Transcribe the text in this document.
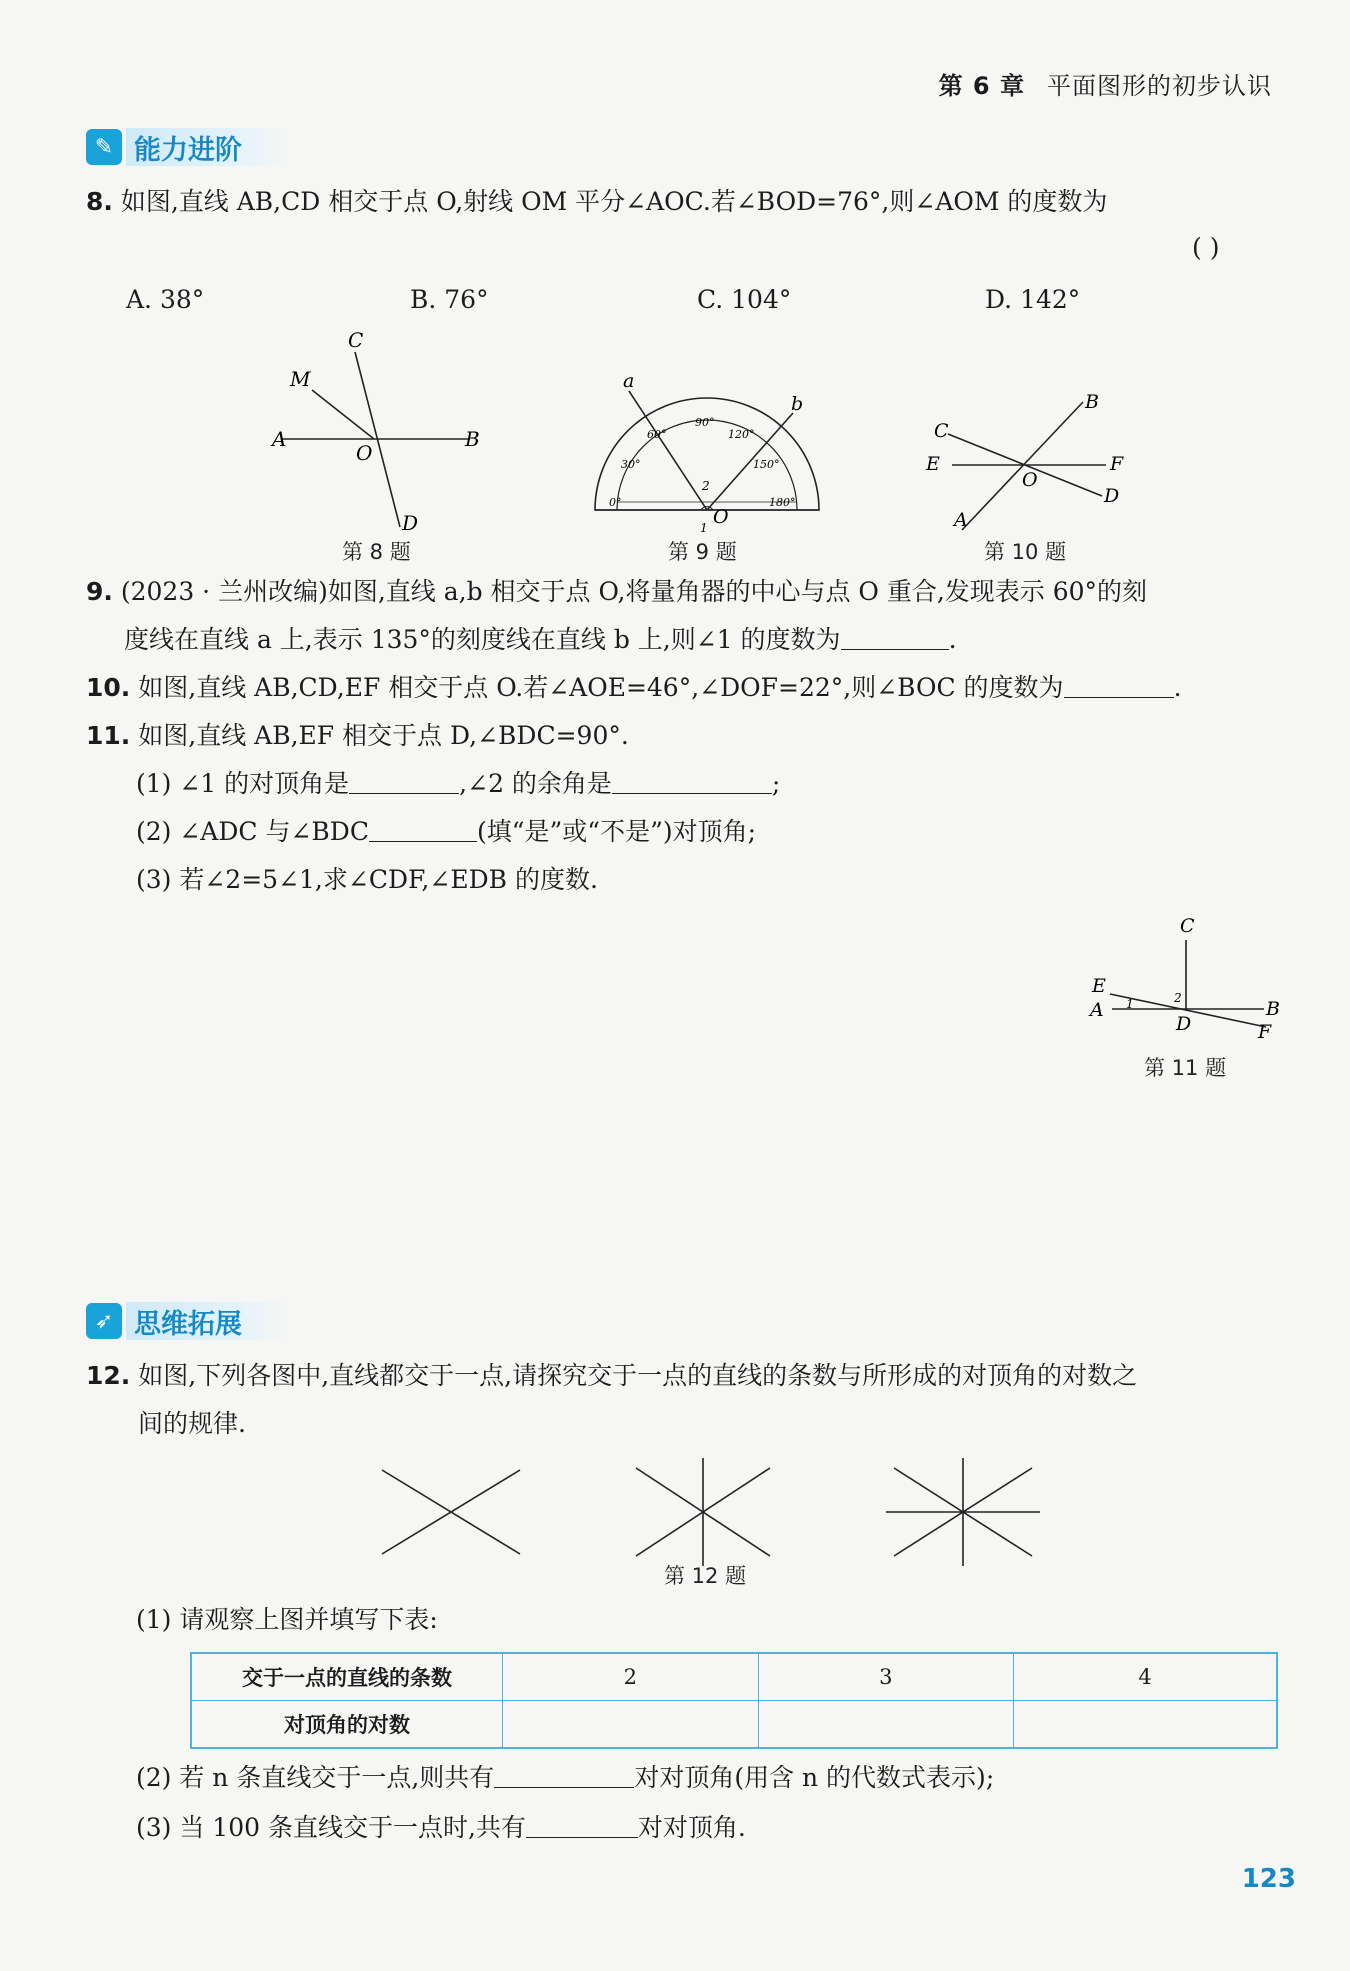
第 6 章 平面图形的初步认识
✎ 能力进阶
8. 如图,直线 AB,CD 相交于点 O,射线 OM 平分∠AOC.若∠BOD=76°,则∠AOM 的度数为
( )
A. 38°	B. 76°	C. 104°	D. 142°
C
M
A
O
B
D
第 8 题
a
b
O
1
2
0°
30°
60°
90°
120°
150°
180°
第 9 题
B
C
E	F
O
D
A
第 10 题
9. (2023 · 兰州改编)如图,直线 a,b 相交于点 O,将量角器的中心与点 O 重合,发现表示 60°的刻
度线在直线 a 上,表示 135°的刻度线在直线 b 上,则∠1 的度数为	.
10. 如图,直线 AB,CD,EF 相交于点 O.若∠AOE=46°,∠DOF=22°,则∠BOC 的度数为	.
11. 如图,直线 AB,EF 相交于点 D,∠BDC=90°.
(1) ∠1 的对顶角是	,∠2 的余角是	;
(2) ∠ADC 与∠BDC	(填“是”或“不是”)对顶角;
(3) 若∠2=5∠1,求∠CDF,∠EDB 的度数.
C
E
A 1	2	B
D	F
第 11 题
➶ 思维拓展
12. 如图,下列各图中,直线都交于一点,请探究交于一点的直线的条数与所形成的对顶角的对数之
间的规律.
第 12 题
(1) 请观察上图并填写下表:
交于一点的直线的条数	2	3	4
对顶角的对数			
(2) 若 n 条直线交于一点,则共有	对对顶角(用含 n 的代数式表示);
(3) 当 100 条直线交于一点时,共有	对对顶角.
123
